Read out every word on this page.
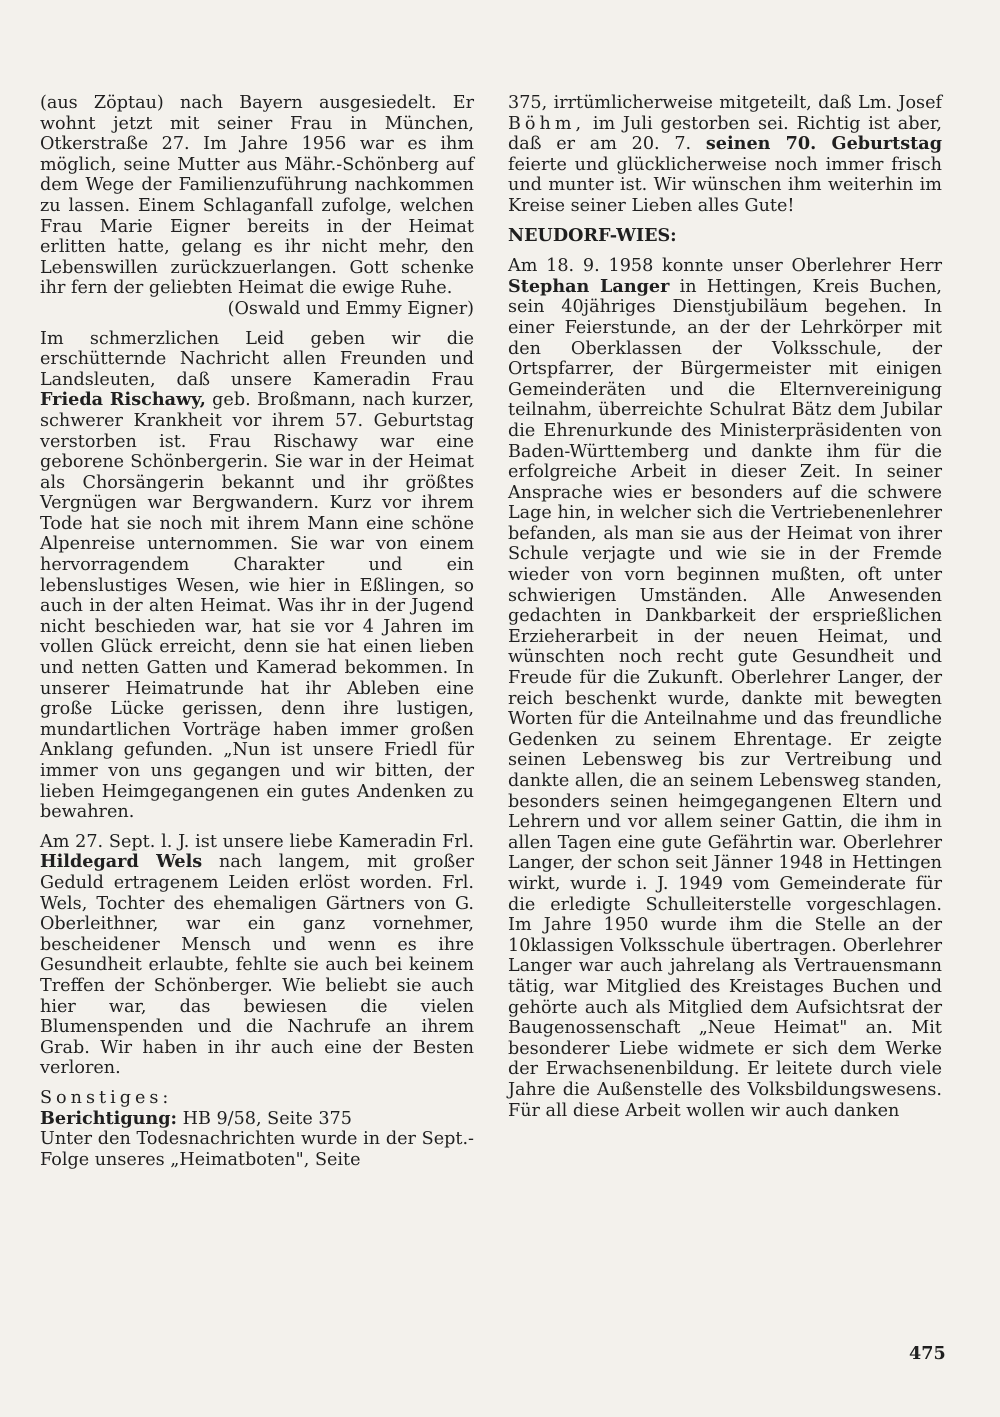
(aus Zöptau) nach Bayern ausgesiedelt. Er wohnt jetzt mit seiner Frau in München, Otkerstraße 27. Im Jahre 1956 war es ihm möglich, seine Mutter aus Mähr.-Schönberg auf dem Wege der Familienzuführung nachkommen zu lassen. Einem Schlaganfall zufolge, welchen Frau Marie Eigner bereits in der Heimat erlitten hatte, gelang es ihr nicht mehr, den Lebenswillen zurückzuerlangen. Gott schenke ihr fern der geliebten Heimat die ewige Ruhe.

(Oswald und Emmy Eigner)

Im schmerzlichen Leid geben wir die erschütternde Nachricht allen Freunden und Landsleuten, daß unsere Kameradin Frau Frieda Rischawy, geb. Broßmann, nach kurzer, schwerer Krankheit vor ihrem 57. Geburtstag verstorben ist. Frau Rischawy war eine geborene Schönbergerin. Sie war in der Heimat als Chorsängerin bekannt und ihr größtes Vergnügen war Bergwandern. Kurz vor ihrem Tode hat sie noch mit ihrem Mann eine schöne Alpenreise unternommen. Sie war von einem hervorragendem Charakter und ein lebenslustiges Wesen, wie hier in Eßlingen, so auch in der alten Heimat. Was ihr in der Jugend nicht beschieden war, hat sie vor 4 Jahren im vollen Glück erreicht, denn sie hat einen lieben und netten Gatten und Kamerad bekommen. In unserer Heimatrunde hat ihr Ableben eine große Lücke gerissen, denn ihre lustigen, mundartlichen Vorträge haben immer großen Anklang gefunden. „Nun ist unsere Friedl für immer von uns gegangen und wir bitten, der lieben Heimgegangenen ein gutes Andenken zu bewahren.

Am 27. Sept. l. J. ist unsere liebe Kameradin Frl. Hildegard Wels nach langem, mit großer Geduld ertragenem Leiden erlöst worden. Frl. Wels, Tochter des ehemaligen Gärtners von G. Oberleithner, war ein ganz vornehmer, bescheidener Mensch und wenn es ihre Gesundheit erlaubte, fehlte sie auch bei keinem Treffen der Schönberger. Wie beliebt sie auch hier war, das bewiesen die vielen Blumenspenden und die Nachrufe an ihrem Grab. Wir haben in ihr auch eine der Besten verloren.

Sonstiges:
Berichtigung: HB 9/58, Seite 375

Unter den Todesnachrichten wurde in der Sept.-Folge unseres „Heimatboten", Seite

375, irrtümlicherweise mitgeteilt, daß Lm. Josef Böhm, im Juli gestorben sei. Richtig ist aber, daß er am 20. 7. seinen 70. Geburtstag feierte und glücklicherweise noch immer frisch und munter ist. Wir wünschen ihm weiterhin im Kreise seiner Lieben alles Gute!

NEUDORF-WIES:

Am 18. 9. 1958 konnte unser Oberlehrer Herr Stephan Langer in Hettingen, Kreis Buchen, sein 40jähriges Dienstjubiläum begehen. In einer Feierstunde, an der der Lehrkörper mit den Oberklassen der Volksschule, der Ortspfarrer, der Bürgermeister mit einigen Gemeinderäten und die Elternvereinigung teilnahm, überreichte Schulrat Bätz dem Jubilar die Ehrenurkunde des Ministerpräsidenten von Baden-Württemberg und dankte ihm für die erfolgreiche Arbeit in dieser Zeit. In seiner Ansprache wies er besonders auf die schwere Lage hin, in welcher sich die Vertriebenenlehrer befanden, als man sie aus der Heimat von ihrer Schule verjagte und wie sie in der Fremde wieder von vorn beginnen mußten, oft unter schwierigen Umständen. Alle Anwesenden gedachten in Dankbarkeit der ersprießlichen Erzieherarbeit in der neuen Heimat, und wünschten noch recht gute Gesundheit und Freude für die Zukunft. Oberlehrer Langer, der reich beschenkt wurde, dankte mit bewegten Worten für die Anteilnahme und das freundliche Gedenken zu seinem Ehrentage. Er zeigte seinen Lebensweg bis zur Vertreibung und dankte allen, die an seinem Lebensweg standen, besonders seinen heimgegangenen Eltern und Lehrern und vor allem seiner Gattin, die ihm in allen Tagen eine gute Gefährtin war. Oberlehrer Langer, der schon seit Jänner 1948 in Hettingen wirkt, wurde i. J. 1949 vom Gemeinderate für die erledigte Schulleiterstelle vorgeschlagen. Im Jahre 1950 wurde ihm die Stelle an der 10klassigen Volksschule übertragen. Oberlehrer Langer war auch jahrelang als Vertrauensmann tätig, war Mitglied des Kreistages Buchen und gehörte auch als Mitglied dem Aufsichtsrat der Baugenossenschaft „Neue Heimat" an. Mit besonderer Liebe widmete er sich dem Werke der Erwachsenenbildung. Er leitete durch viele Jahre die Außenstelle des Volksbildungswesens. Für all diese Arbeit wollen wir auch danken

475
